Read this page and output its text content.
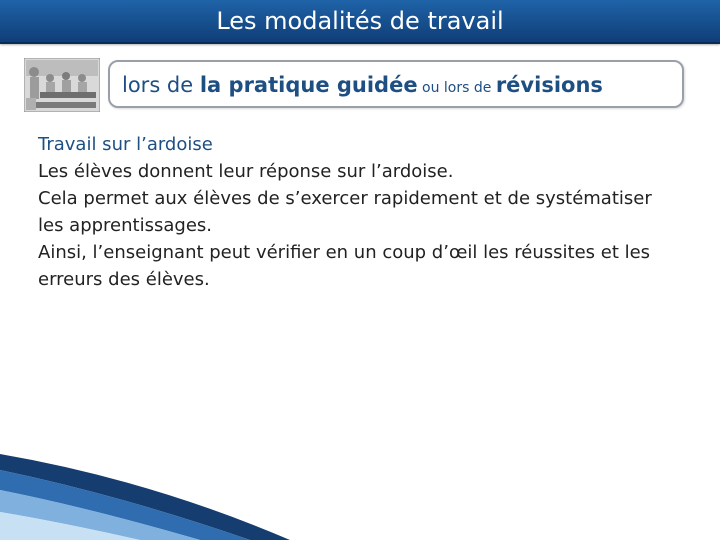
Les modalités de travail
lors de la pratique guidée ou lors de révisions
Travail sur l’ardoise
Les élèves donnent leur réponse sur l’ardoise.
Cela permet aux élèves de s’exercer rapidement et de systématiser les apprentissages.
Ainsi, l’enseignant peut vérifier en un coup d’œil les réussites et les erreurs des élèves.
